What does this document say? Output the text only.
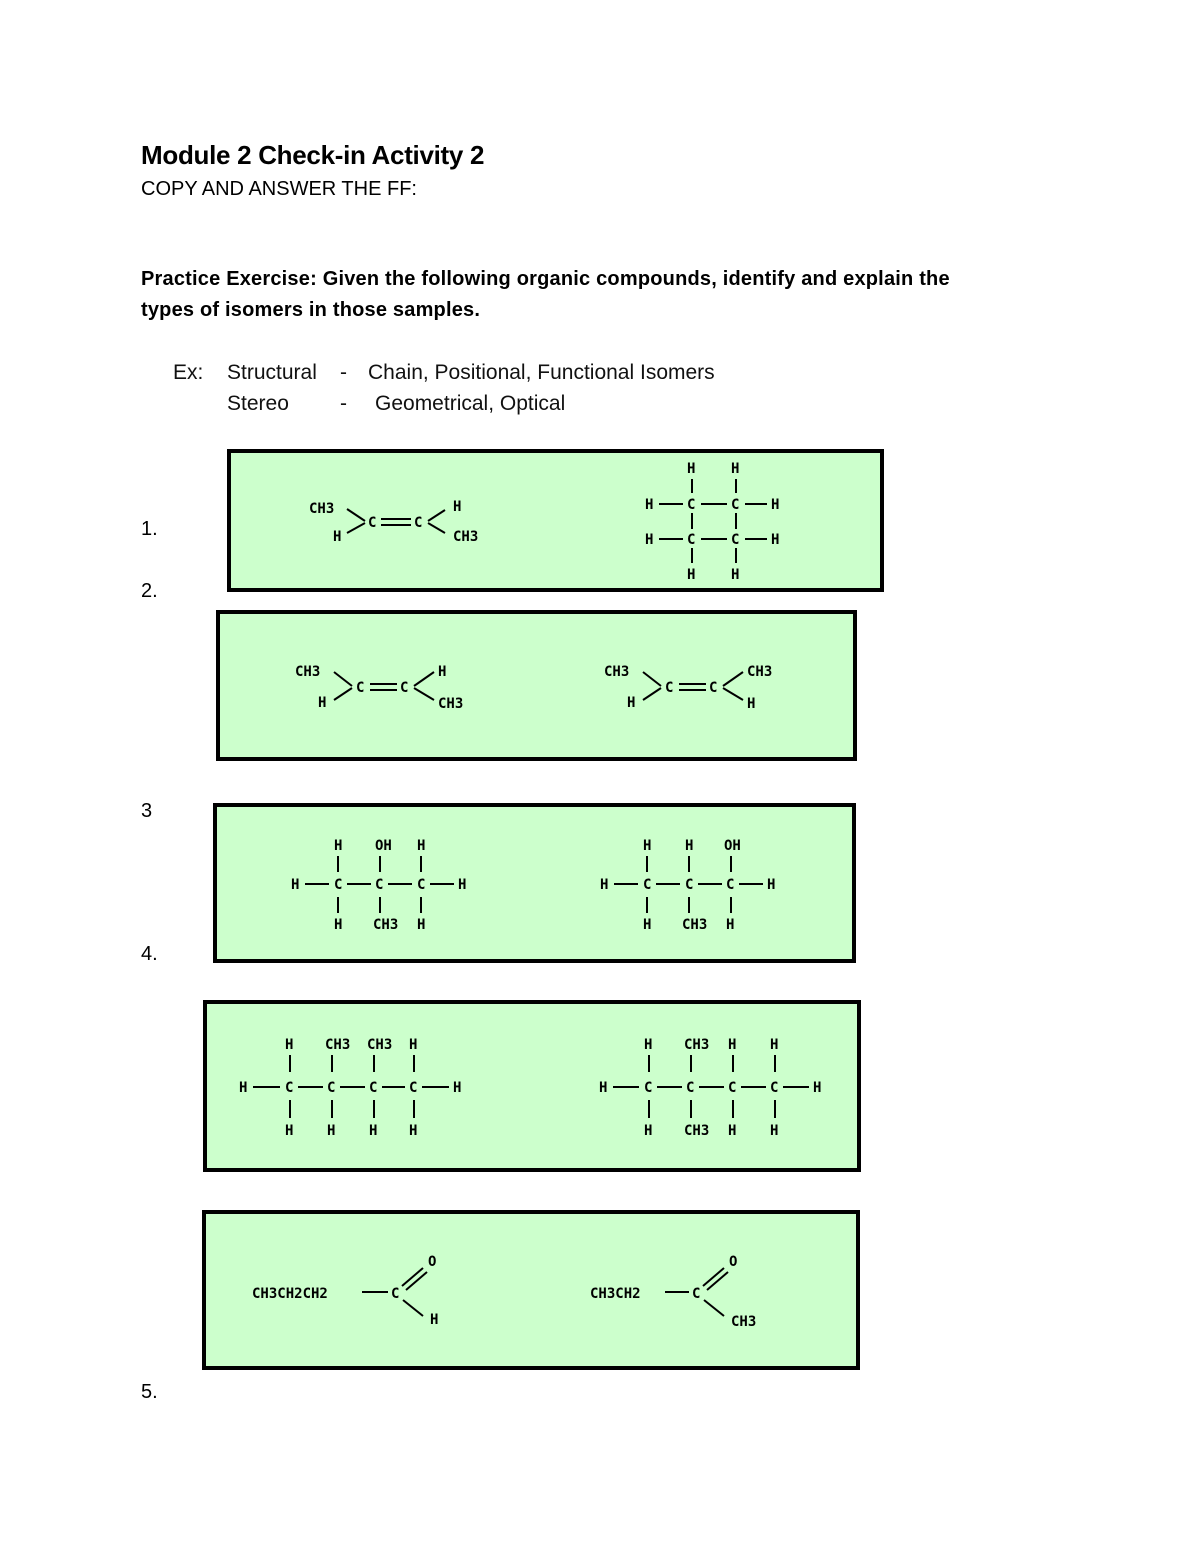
Module 2 Check-in Activity 2
COPY AND ANSWER THE FF:
Practice Exercise: Given the following organic compounds, identify and explain the
types of isomers in those samples.
Ex: Structural - Chain, Positional, Functional Isomers
Stereo - Geometrical, Optical
1.
2.
3
4.
5.
CH3
H
C	C
H
CH3
H	H
H C	C H
H C	C H
H	H
CH3
H
C	C
H
CH3
CH3
H
C	C
CH3
H
H OH H
H C C C H
H CH3 H
H H OH
H C C C H
H CH3 H
H CH3 CH3 H
H	C C C C	H
H H H H
H CH3 H H
H	C C C C H
H CH3 H H
CH3CH2CH2	C
O
H
CH3CH2	C
O
CH3
